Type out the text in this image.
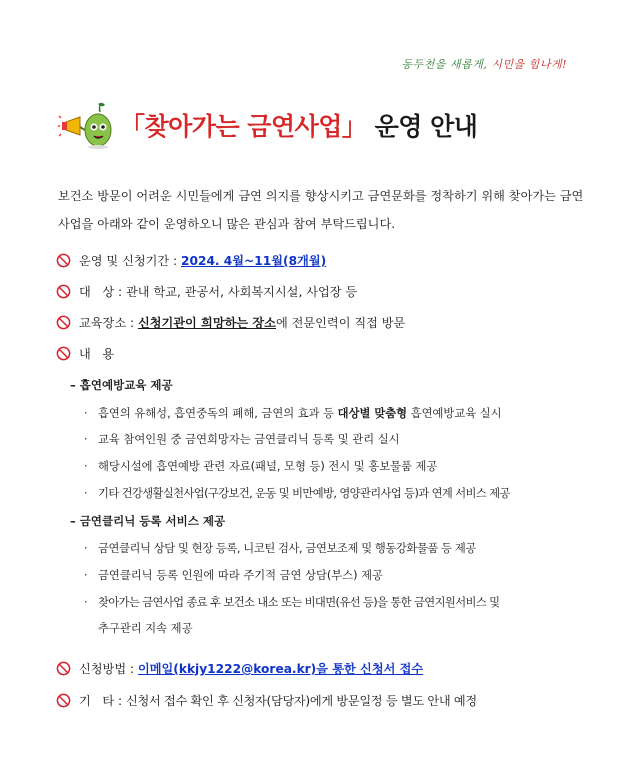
동두천을 새롭게, 시민을 힘나게!
「찾아가는 금연사업」 운영 안내
보건소 방문이 어려운 시민들에게 금연 의지를 향상시키고 금연문화를 정착하기 위해 찾아가는 금연사업을 아래와 같이 운영하오니 많은 관심과 참여 부탁드립니다.
운영 및 신청기간 :
2024. 4월~11월(8개월)
대   상 :
관내 학교, 관공서, 사회복지시설, 사업장 등
교육장소 :
신청기관이 희망하는 장소 에 전문인력이 직접 방문
내   용
– 흡연예방교육 제공
· 흡연의 유해성, 흡연중독의 폐해, 금연의 효과 등 대상별 맞춤형 흡연예방교육 실시
· 교육 참여인원 중 금연희망자는 금연클리닉 등록 및 관리 실시
· 해당시설에 흡연예방 관련 자료(패널, 모형 등) 전시 및 홍보물품 제공
· 기타 건강생활실천사업(구강보건, 운동 및 비만예방, 영양관리사업 등)과 연계 서비스 제공
– 금연클리닉 등록 서비스 제공
· 금연클리닉 상담 및 현장 등록, 니코틴 검사, 금연보조제 및 행동강화물품 등 제공
· 금연클리닉 등록 인원에 따라 주기적 금연 상담(부스) 제공
· 찾아가는 금연사업 종료 후 보건소 내소 또는 비대면(유선 등)을 통한 금연지원서비스 및
추구관리 지속 제공
신청방법 :
이메일(kkjy1222@korea.kr)을 통한 신청서 접수
기   타 :
신청서 접수 확인 후 신청자(담당자)에게 방문일정 등 별도 안내 예정
